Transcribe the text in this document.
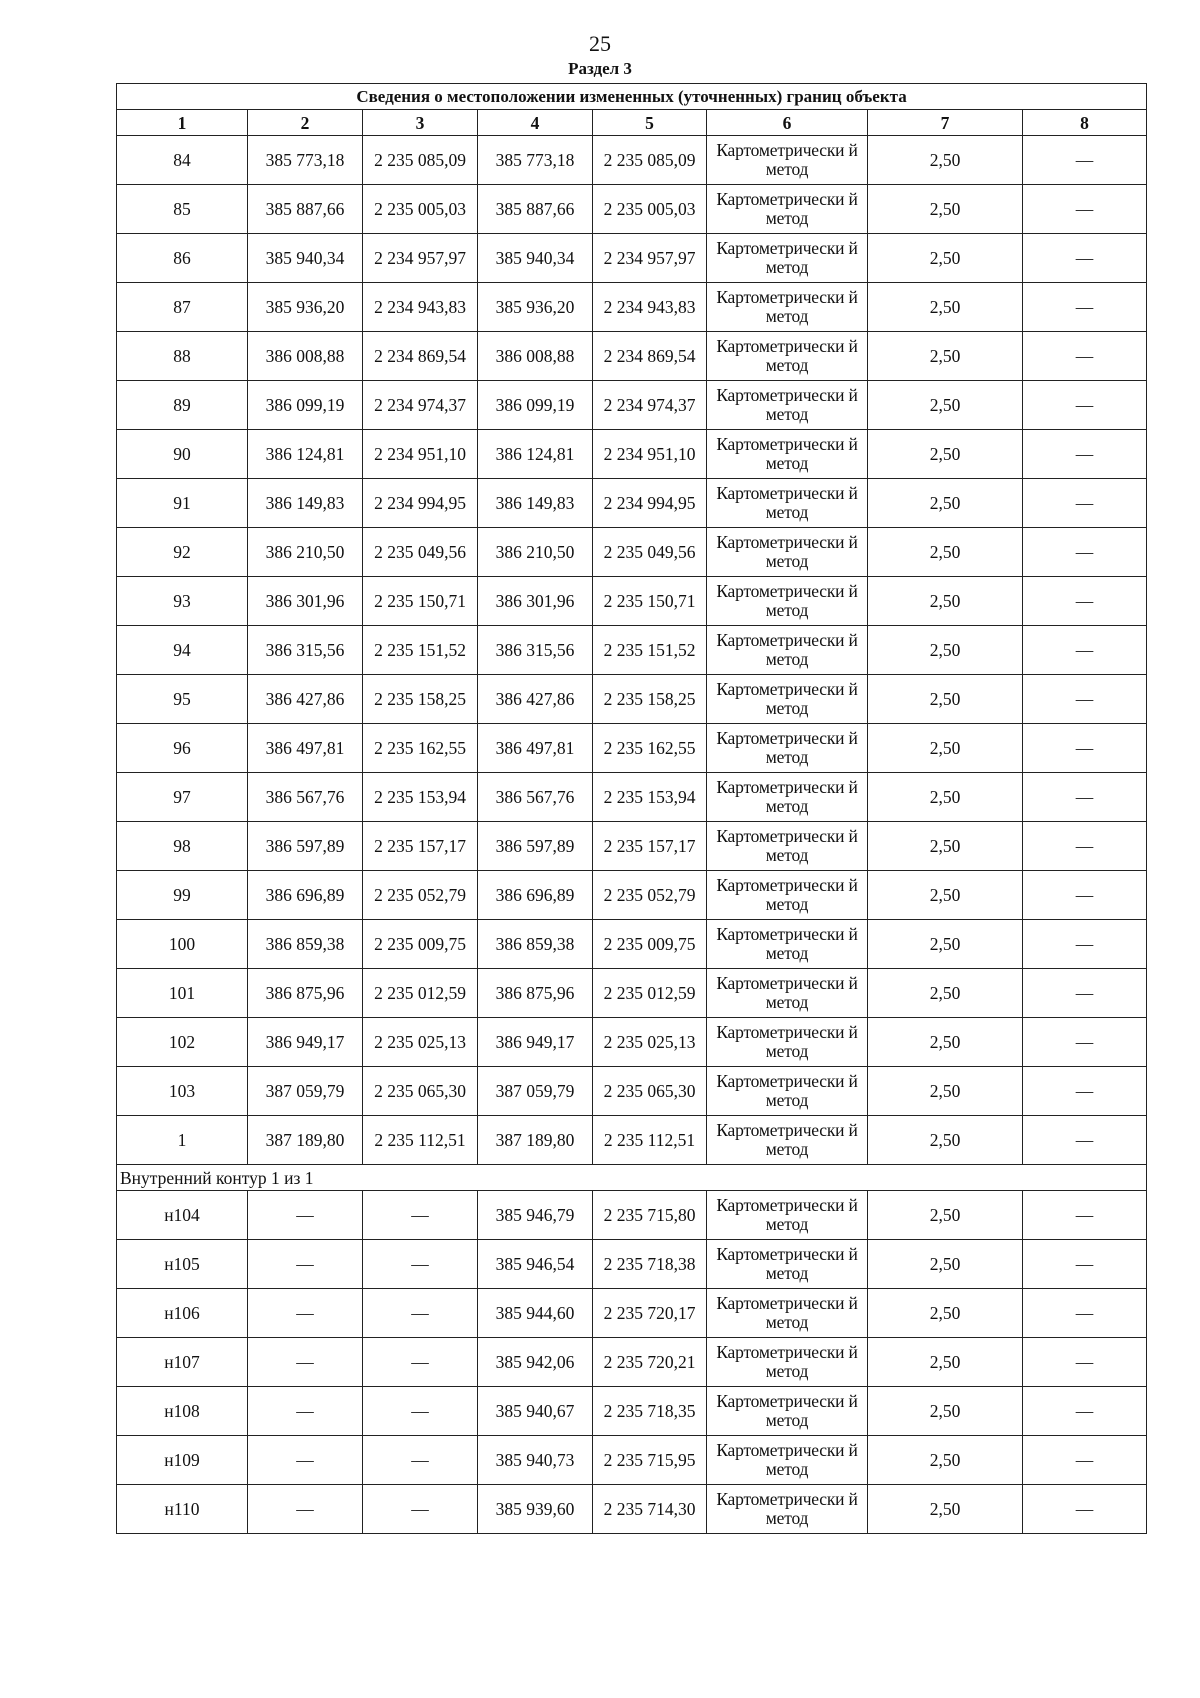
25
Раздел 3
Сведения о местоположении измененных (уточненных) границ объекта							
1	2	3	4	5	6	7	8
84	385 773,18	2 235 085,09	385 773,18	2 235 085,09	Картометрически й метод	2,50	—
85	385 887,66	2 235 005,03	385 887,66	2 235 005,03	Картометрически й метод	2,50	—
86	385 940,34	2 234 957,97	385 940,34	2 234 957,97	Картометрически й метод	2,50	—
87	385 936,20	2 234 943,83	385 936,20	2 234 943,83	Картометрически й метод	2,50	—
88	386 008,88	2 234 869,54	386 008,88	2 234 869,54	Картометрически й метод	2,50	—
89	386 099,19	2 234 974,37	386 099,19	2 234 974,37	Картометрически й метод	2,50	—
90	386 124,81	2 234 951,10	386 124,81	2 234 951,10	Картометрически й метод	2,50	—
91	386 149,83	2 234 994,95	386 149,83	2 234 994,95	Картометрически й метод	2,50	—
92	386 210,50	2 235 049,56	386 210,50	2 235 049,56	Картометрически й метод	2,50	—
93	386 301,96	2 235 150,71	386 301,96	2 235 150,71	Картометрически й метод	2,50	—
94	386 315,56	2 235 151,52	386 315,56	2 235 151,52	Картометрически й метод	2,50	—
95	386 427,86	2 235 158,25	386 427,86	2 235 158,25	Картометрически й метод	2,50	—
96	386 497,81	2 235 162,55	386 497,81	2 235 162,55	Картометрически й метод	2,50	—
97	386 567,76	2 235 153,94	386 567,76	2 235 153,94	Картометрически й метод	2,50	—
98	386 597,89	2 235 157,17	386 597,89	2 235 157,17	Картометрически й метод	2,50	—
99	386 696,89	2 235 052,79	386 696,89	2 235 052,79	Картометрически й метод	2,50	—
100	386 859,38	2 235 009,75	386 859,38	2 235 009,75	Картометрически й метод	2,50	—
101	386 875,96	2 235 012,59	386 875,96	2 235 012,59	Картометрически й метод	2,50	—
102	386 949,17	2 235 025,13	386 949,17	2 235 025,13	Картометрически й метод	2,50	—
103	387 059,79	2 235 065,30	387 059,79	2 235 065,30	Картометрически й метод	2,50	—
1	387 189,80	2 235 112,51	387 189,80	2 235 112,51	Картометрически й метод	2,50	—
Внутренний контур 1 из 1							
н104	—	—	385 946,79	2 235 715,80	Картометрически й метод	2,50	—
н105	—	—	385 946,54	2 235 718,38	Картометрически й метод	2,50	—
н106	—	—	385 944,60	2 235 720,17	Картометрически й метод	2,50	—
н107	—	—	385 942,06	2 235 720,21	Картометрически й метод	2,50	—
н108	—	—	385 940,67	2 235 718,35	Картометрически й метод	2,50	—
н109	—	—	385 940,73	2 235 715,95	Картометрически й метод	2,50	—
н110	—	—	385 939,60	2 235 714,30	Картометрически й метод	2,50	—
